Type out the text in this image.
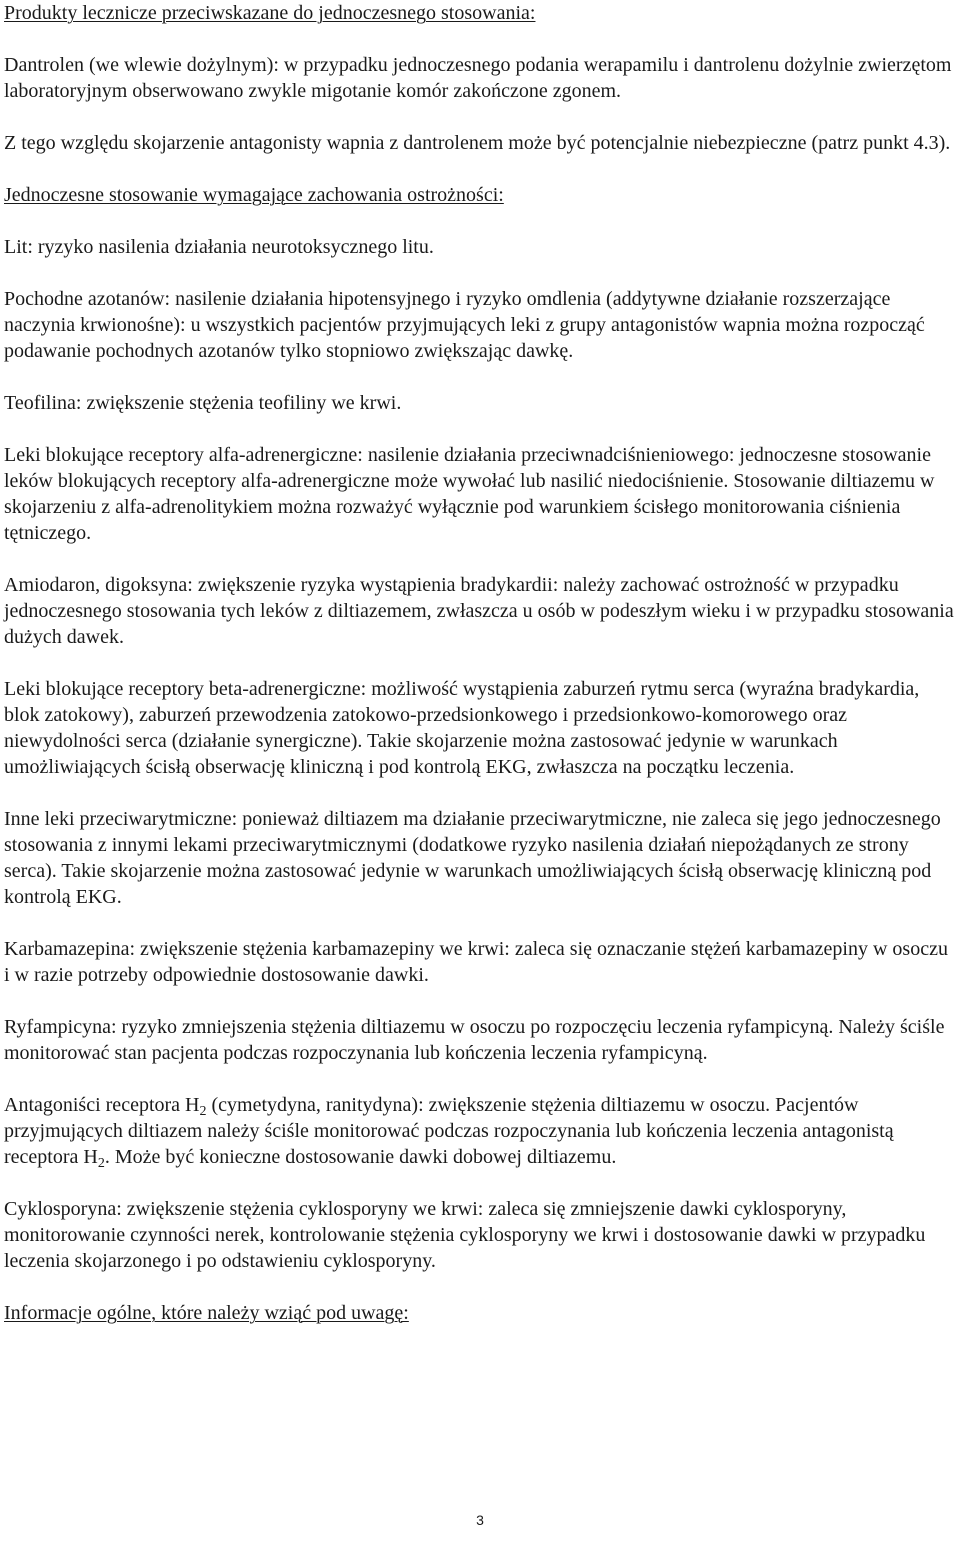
Produkty lecznicze przeciwskazane do jednoczesnego stosowania:

Dantrolen (we wlewie dożylnym): w przypadku jednoczesnego podania werapamilu i dantrolenu dożylnie zwierzętom laboratoryjnym obserwowano zwykle migotanie komór zakończone zgonem.

Z tego względu skojarzenie antagonisty wapnia z dantrolenem może być potencjalnie niebezpieczne (patrz punkt 4.3).

Jednoczesne stosowanie wymagające zachowania ostrożności:

Lit: ryzyko nasilenia działania neurotoksycznego litu.

Pochodne azotanów: nasilenie działania hipotensyjnego i ryzyko omdlenia (addytywne działanie rozszerzające naczynia krwionośne): u wszystkich pacjentów przyjmujących leki z grupy antagonistów wapnia można rozpocząć podawanie pochodnych azotanów tylko stopniowo zwiększając dawkę.

Teofilina: zwiększenie stężenia teofiliny we krwi.

Leki blokujące receptory alfa-adrenergiczne: nasilenie działania przeciwnadciśnieniowego: jednoczesne stosowanie leków blokujących receptory alfa-adrenergiczne może wywołać lub nasilić niedociśnienie. Stosowanie diltiazemu w skojarzeniu z alfa-adrenolitykiem można rozważyć wyłącznie pod warunkiem ścisłego monitorowania ciśnienia tętniczego.

Amiodaron, digoksyna: zwiększenie ryzyka wystąpienia bradykardii: należy zachować ostrożność w przypadku jednoczesnego stosowania tych leków z diltiazemem, zwłaszcza u osób w podeszłym wieku i w przypadku stosowania dużych dawek.

Leki blokujące receptory beta-adrenergiczne: możliwość wystąpienia zaburzeń rytmu serca (wyraźna bradykardia, blok zatokowy), zaburzeń przewodzenia zatokowo-przedsionkowego i przedsionkowo-komorowego oraz niewydolności serca (działanie synergiczne). Takie skojarzenie można zastosować jedynie w warunkach umożliwiających ścisłą obserwację kliniczną i pod kontrolą EKG, zwłaszcza na początku leczenia.

Inne leki przeciwarytmiczne: ponieważ diltiazem ma działanie przeciwarytmiczne, nie zaleca się jego jednoczesnego stosowania z innymi lekami przeciwarytmicznymi (dodatkowe ryzyko nasilenia działań niepożądanych ze strony serca). Takie skojarzenie można zastosować jedynie w warunkach umożliwiających ścisłą obserwację kliniczną pod kontrolą EKG.

Karbamazepina: zwiększenie stężenia karbamazepiny we krwi: zaleca się oznaczanie stężeń karbamazepiny w osoczu i w razie potrzeby odpowiednie dostosowanie dawki.

Ryfampicyna: ryzyko zmniejszenia stężenia diltiazemu w osoczu po rozpoczęciu leczenia ryfampicyną. Należy ściśle monitorować stan pacjenta podczas rozpoczynania lub kończenia leczenia ryfampicyną.

Antagoniści receptora $H_2$ (cymetydyna, ranitydyna): zwiększenie stężenia diltiazemu w osoczu. Pacjentów przyjmujących diltiazem należy ściśle monitorować podczas rozpoczynania lub kończenia leczenia antagonistą receptora $H_2$. Może być konieczne dostosowanie dawki dobowej diltiazemu.

Cyklosporyna: zwiększenie stężenia cyklosporyny we krwi: zaleca się zmniejszenie dawki cyklosporyny, monitorowanie czynności nerek, kontrolowanie stężenia cyklosporyny we krwi i dostosowanie dawki w przypadku leczenia skojarzonego i po odstawieniu cyklosporyny.

Informacje ogólne, które należy wziąć pod uwagę:

3
